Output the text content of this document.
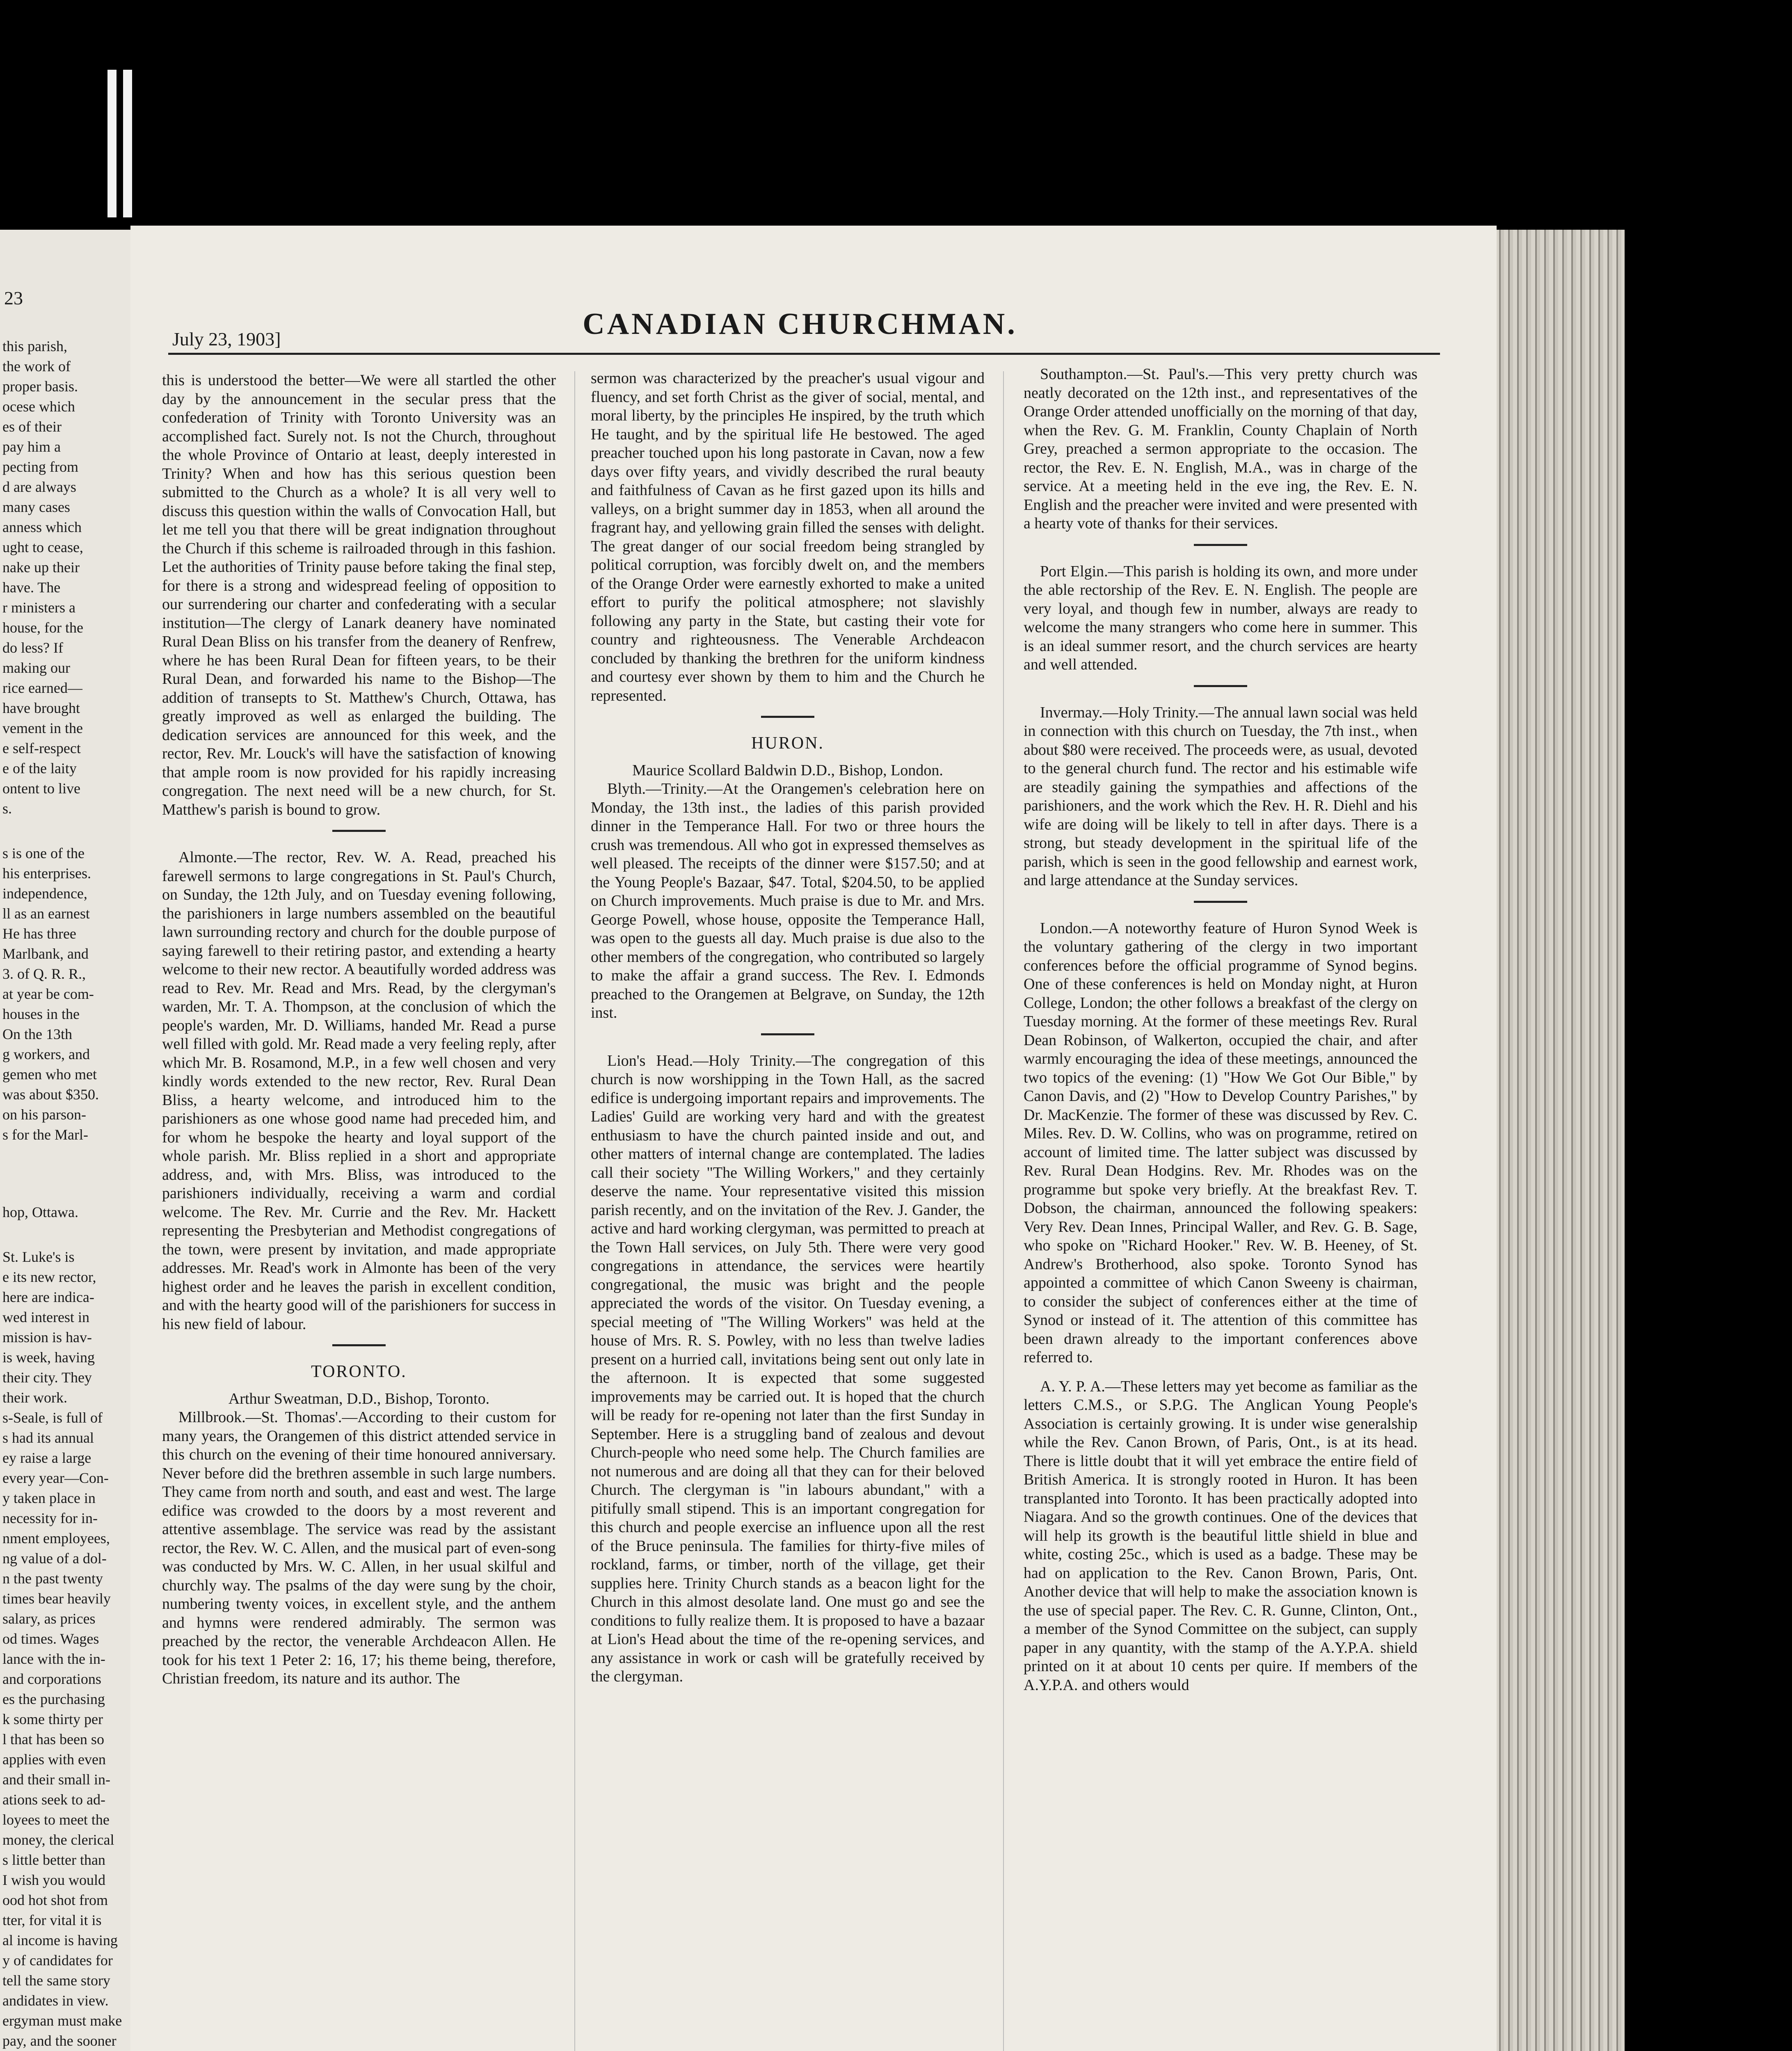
23
this parish,
the work of
proper basis.
ocese which
es of their
pay him a
pecting from
d are always
many cases
anness which
ught to cease,
nake up their
have. The
r ministers a
house, for the
do less? If
making our
rice earned—
have brought
vement in the
e self-respect
e of the laity
ontent to live
s.
s is one of the
his enterprises.
independence,
ll as an earnest
He has three
Marlbank, and
3. of Q. R. R.,
at year be com-
houses in the
On the 13th
g workers, and
gemen who met
was about $350.
on his parson-
s for the Marl-
hop, Ottawa.
St. Luke's is
e its new rector,
here are indica-
wed interest in
mission is hav-
is week, having
their city. They
their work.
s-Seale, is full of
s had its annual
ey raise a large
every year—Con-
y taken place in
necessity for in-
nment employees,
ng value of a dol-
n the past twenty
times bear heavily
salary, as prices
od times. Wages
lance with the in-
and corporations
es the purchasing
k some thirty per
l that has been so
applies with even
and their small in-
ations seek to ad-
loyees to meet the
money, the clerical
s little better than
I wish you would
ood hot shot from
tter, for vital it is
al income is having
y of candidates for
tell the same story
andidates in view.
ergyman must make
pay, and the sooner
July 23, 1903]	CANADIAN CHURCHMAN.

this is understood the better—We were all startled the other day by the announcement in the secular press that the confederation of Trinity with Toronto University was an accomplished fact. Surely not. Is not the Church, throughout the whole Province of Ontario at least, deeply interested in Trinity? When and how has this serious question been submitted to the Church as a whole? It is all very well to discuss this question within the walls of Convocation Hall, but let me tell you that there will be great indignation throughout the Church if this scheme is railroaded through in this fashion. Let the authorities of Trinity pause before taking the final step, for there is a strong and widespread feeling of opposition to our surrendering our charter and confederating with a secular institution—The clergy of Lanark deanery have nominated Rural Dean Bliss on his transfer from the deanery of Renfrew, where he has been Rural Dean for fifteen years, to be their Rural Dean, and forwarded his name to the Bishop—The addition of transepts to St. Matthew's Church, Ottawa, has greatly improved as well as enlarged the building. The dedication services are announced for this week, and the rector, Rev. Mr. Louck's will have the satisfaction of knowing that ample room is now provided for his rapidly increasing congregation. The next need will be a new church, for St. Matthew's parish is bound to grow.

Almonte.—The rector, Rev. W. A. Read, preached his farewell sermons to large congregations in St. Paul's Church, on Sunday, the 12th July, and on Tuesday evening following, the parishioners in large numbers assembled on the beautiful lawn surrounding rectory and church for the double purpose of saying farewell to their retiring pastor, and extending a hearty welcome to their new rector. A beautifully worded address was read to Rev. Mr. Read and Mrs. Read, by the clergyman's warden, Mr. T. A. Thompson, at the conclusion of which the people's warden, Mr. D. Williams, handed Mr. Read a purse well filled with gold. Mr. Read made a very feeling reply, after which Mr. B. Rosamond, M.P., in a few well chosen and very kindly words extended to the new rector, Rev. Rural Dean Bliss, a hearty welcome, and introduced him to the parishioners as one whose good name had preceded him, and for whom he bespoke the hearty and loyal support of the whole parish. Mr. Bliss replied in a short and appropriate address, and, with Mrs. Bliss, was introduced to the parishioners individually, receiving a warm and cordial welcome. The Rev. Mr. Currie and the Rev. Mr. Hackett representing the Presbyterian and Methodist congregations of the town, were present by invitation, and made appropriate addresses. Mr. Read's work in Almonte has been of the very highest order and he leaves the parish in excellent condition, and with the hearty good will of the parishioners for success in his new field of labour.

TORONTO.

Arthur Sweatman, D.D., Bishop, Toronto.

Millbrook.—St. Thomas'.—According to their custom for many years, the Orangemen of this district attended service in this church on the evening of their time honoured anniversary. Never before did the brethren assemble in such large numbers. They came from north and south, and east and west. The large edifice was crowded to the doors by a most reverent and attentive assemblage. The service was read by the assistant rector, the Rev. W. C. Allen, and the musical part of even-song was conducted by Mrs. W. C. Allen, in her usual skilful and churchly way. The psalms of the day were sung by the choir, numbering twenty voices, in excellent style, and the anthem and hymns were rendered admirably. The sermon was preached by the rector, the venerable Archdeacon Allen. He took for his text 1 Peter 2: 16, 17; his theme being, therefore, Christian freedom, its nature and its author. The

sermon was characterized by the preacher's usual vigour and fluency, and set forth Christ as the giver of social, mental, and moral liberty, by the principles He inspired, by the truth which He taught, and by the spiritual life He bestowed. The aged preacher touched upon his long pastorate in Cavan, now a few days over fifty years, and vividly described the rural beauty and faithfulness of Cavan as he first gazed upon its hills and valleys, on a bright summer day in 1853, when all around the fragrant hay, and yellowing grain filled the senses with delight. The great danger of our social freedom being strangled by political corruption, was forcibly dwelt on, and the members of the Orange Order were earnestly exhorted to make a united effort to purify the political atmosphere; not slavishly following any party in the State, but casting their vote for country and righteousness. The Venerable Archdeacon concluded by thanking the brethren for the uniform kindness and courtesy ever shown by them to him and the Church he represented.

HURON.

Maurice Scollard Baldwin D.D., Bishop, London.

Blyth.—Trinity.—At the Orangemen's celebration here on Monday, the 13th inst., the ladies of this parish provided dinner in the Temperance Hall. For two or three hours the crush was tremendous. All who got in expressed themselves as well pleased. The receipts of the dinner were $157.50; and at the Young People's Bazaar, $47. Total, $204.50, to be applied on Church improvements. Much praise is due to Mr. and Mrs. George Powell, whose house, opposite the Temperance Hall, was open to the guests all day. Much praise is due also to the other members of the congregation, who contributed so largely to make the affair a grand success. The Rev. I. Edmonds preached to the Orangemen at Belgrave, on Sunday, the 12th inst.

Lion's Head.—Holy Trinity.—The congregation of this church is now worshipping in the Town Hall, as the sacred edifice is undergoing important repairs and improvements. The Ladies' Guild are working very hard and with the greatest enthusiasm to have the church painted inside and out, and other matters of internal change are contemplated. The ladies call their society "The Willing Workers," and they certainly deserve the name. Your representative visited this mission parish recently, and on the invitation of the Rev. J. Gander, the active and hard working clergyman, was permitted to preach at the Town Hall services, on July 5th. There were very good congregations in attendance, the services were heartily congregational, the music was bright and the people appreciated the words of the visitor. On Tuesday evening, a special meeting of "The Willing Workers" was held at the house of Mrs. R. S. Powley, with no less than twelve ladies present on a hurried call, invitations being sent out only late in the afternoon. It is expected that some suggested improvements may be carried out. It is hoped that the church will be ready for re-opening not later than the first Sunday in September. Here is a struggling band of zealous and devout Church-people who need some help. The Church families are not numerous and are doing all that they can for their beloved Church. The clergyman is "in labours abundant," with a pitifully small stipend. This is an important congregation for this church and people exercise an influence upon all the rest of the Bruce peninsula. The families for thirty-five miles of rockland, farms, or timber, north of the village, get their supplies here. Trinity Church stands as a beacon light for the Church in this almost desolate land. One must go and see the conditions to fully realize them. It is proposed to have a bazaar at Lion's Head about the time of the re-opening services, and any assistance in work or cash will be gratefully received by the clergyman.

Southampton.—St. Paul's.—This very pretty church was neatly decorated on the 12th inst., and representatives of the Orange Order attended unofficially on the morning of that day, when the Rev. G. M. Franklin, County Chaplain of North Grey, preached a sermon appropriate to the occasion. The rector, the Rev. E. N. English, M.A., was in charge of the service. At a meeting held in the eve ing, the Rev. E. N. English and the preacher were invited and were presented with a hearty vote of thanks for their services.

Port Elgin.—This parish is holding its own, and more under the able rectorship of the Rev. E. N. English. The people are very loyal, and though few in number, always are ready to welcome the many strangers who come here in summer. This is an ideal summer resort, and the church services are hearty and well attended.

Invermay.—Holy Trinity.—The annual lawn social was held in connection with this church on Tuesday, the 7th inst., when about $80 were received. The proceeds were, as usual, devoted to the general church fund. The rector and his estimable wife are steadily gaining the sympathies and affections of the parishioners, and the work which the Rev. H. R. Diehl and his wife are doing will be likely to tell in after days. There is a strong, but steady development in the spiritual life of the parish, which is seen in the good fellowship and earnest work, and large attendance at the Sunday services.

London.—A noteworthy feature of Huron Synod Week is the voluntary gathering of the clergy in two important conferences before the official programme of Synod begins. One of these conferences is held on Monday night, at Huron College, London; the other follows a breakfast of the clergy on Tuesday morning. At the former of these meetings Rev. Rural Dean Robinson, of Walkerton, occupied the chair, and after warmly encouraging the idea of these meetings, announced the two topics of the evening: (1) "How We Got Our Bible," by Canon Davis, and (2) "How to Develop Country Parishes," by Dr. MacKenzie. The former of these was discussed by Rev. C. Miles. Rev. D. W. Collins, who was on programme, retired on account of limited time. The latter subject was discussed by Rev. Rural Dean Hodgins. Rev. Mr. Rhodes was on the programme but spoke very briefly. At the breakfast Rev. T. Dobson, the chairman, announced the following speakers: Very Rev. Dean Innes, Principal Waller, and Rev. G. B. Sage, who spoke on "Richard Hooker." Rev. W. B. Heeney, of St. Andrew's Brotherhood, also spoke. Toronto Synod has appointed a committee of which Canon Sweeny is chairman, to consider the subject of conferences either at the time of Synod or instead of it. The attention of this committee has been drawn already to the important conferences above referred to.

A. Y. P. A.—These letters may yet become as familiar as the letters C.M.S., or S.P.G. The Anglican Young People's Association is certainly growing. It is under wise generalship while the Rev. Canon Brown, of Paris, Ont., is at its head. There is little doubt that it will yet embrace the entire field of British America. It is strongly rooted in Huron. It has been transplanted into Toronto. It has been practically adopted into Niagara. And so the growth continues. One of the devices that will help its growth is the beautiful little shield in blue and white, costing 25c., which is used as a badge. These may be had on application to the Rev. Canon Brown, Paris, Ont. Another device that will help to make the association known is the use of special paper. The Rev. C. R. Gunne, Clinton, Ont., a member of the Synod Committee on the subject, can supply paper in any quantity, with the stamp of the A.Y.P.A. shield printed on it at about 10 cents per quire. If members of the A.Y.P.A. and others would
